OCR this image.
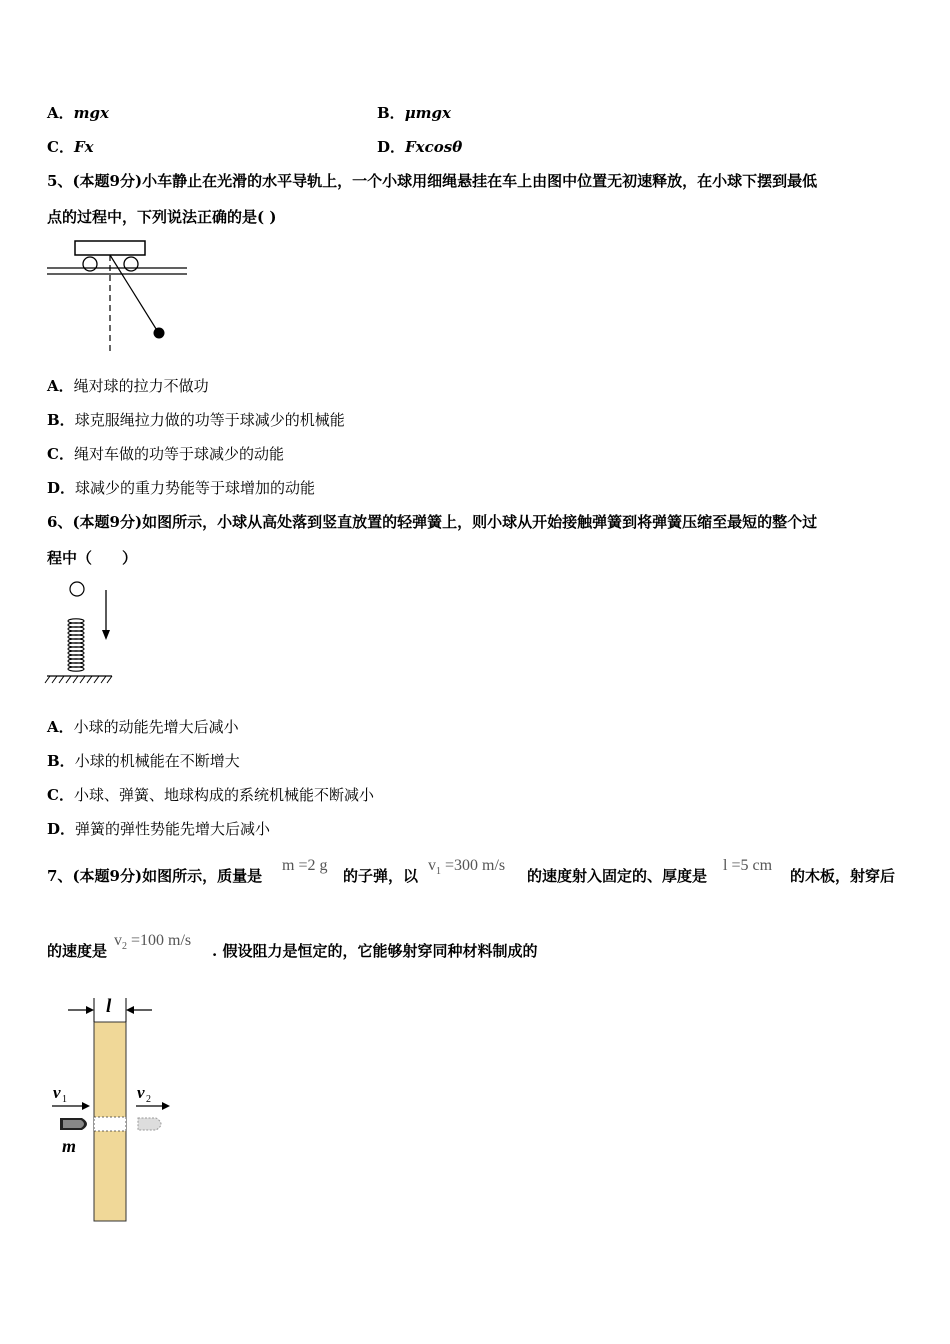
A．mgx	B．μmgx
C．Fx	D．Fxcosθ
5、(本题9分)小车静止在光滑的水平导轨上，一个小球用细绳悬挂在车上由图中位置无初速释放，在小球下摆到最低
点的过程中，下列说法正确的是( )
A．绳对球的拉力不做功
B．球克服绳拉力做的功等于球减少的机械能
C．绳对车做的功等于球减少的动能
D．球减少的重力势能等于球增加的动能
6、(本题9分)如图所示，小球从高处落到竖直放置的轻弹簧上，则小球从开始接触弹簧到将弹簧压缩至最短的整个过
程中（　　）
A．小球的动能先增大后减小
B．小球的机械能在不断增大
C．小球、弹簧、地球构成的系统机械能不断减小
D．弹簧的弹性势能先增大后减小
7、(本题9分)如图所示，质量是
m =2 g
的子弹，以
$v_1 =300$ m/s
的速度射入固定的、厚度是
l =5 cm
的木板，射穿后
的速度是
$v_2 =100$ m/s
. 假设阻力是恒定的，它能够射穿同种材料制成的
l
v 1
m
v 2
